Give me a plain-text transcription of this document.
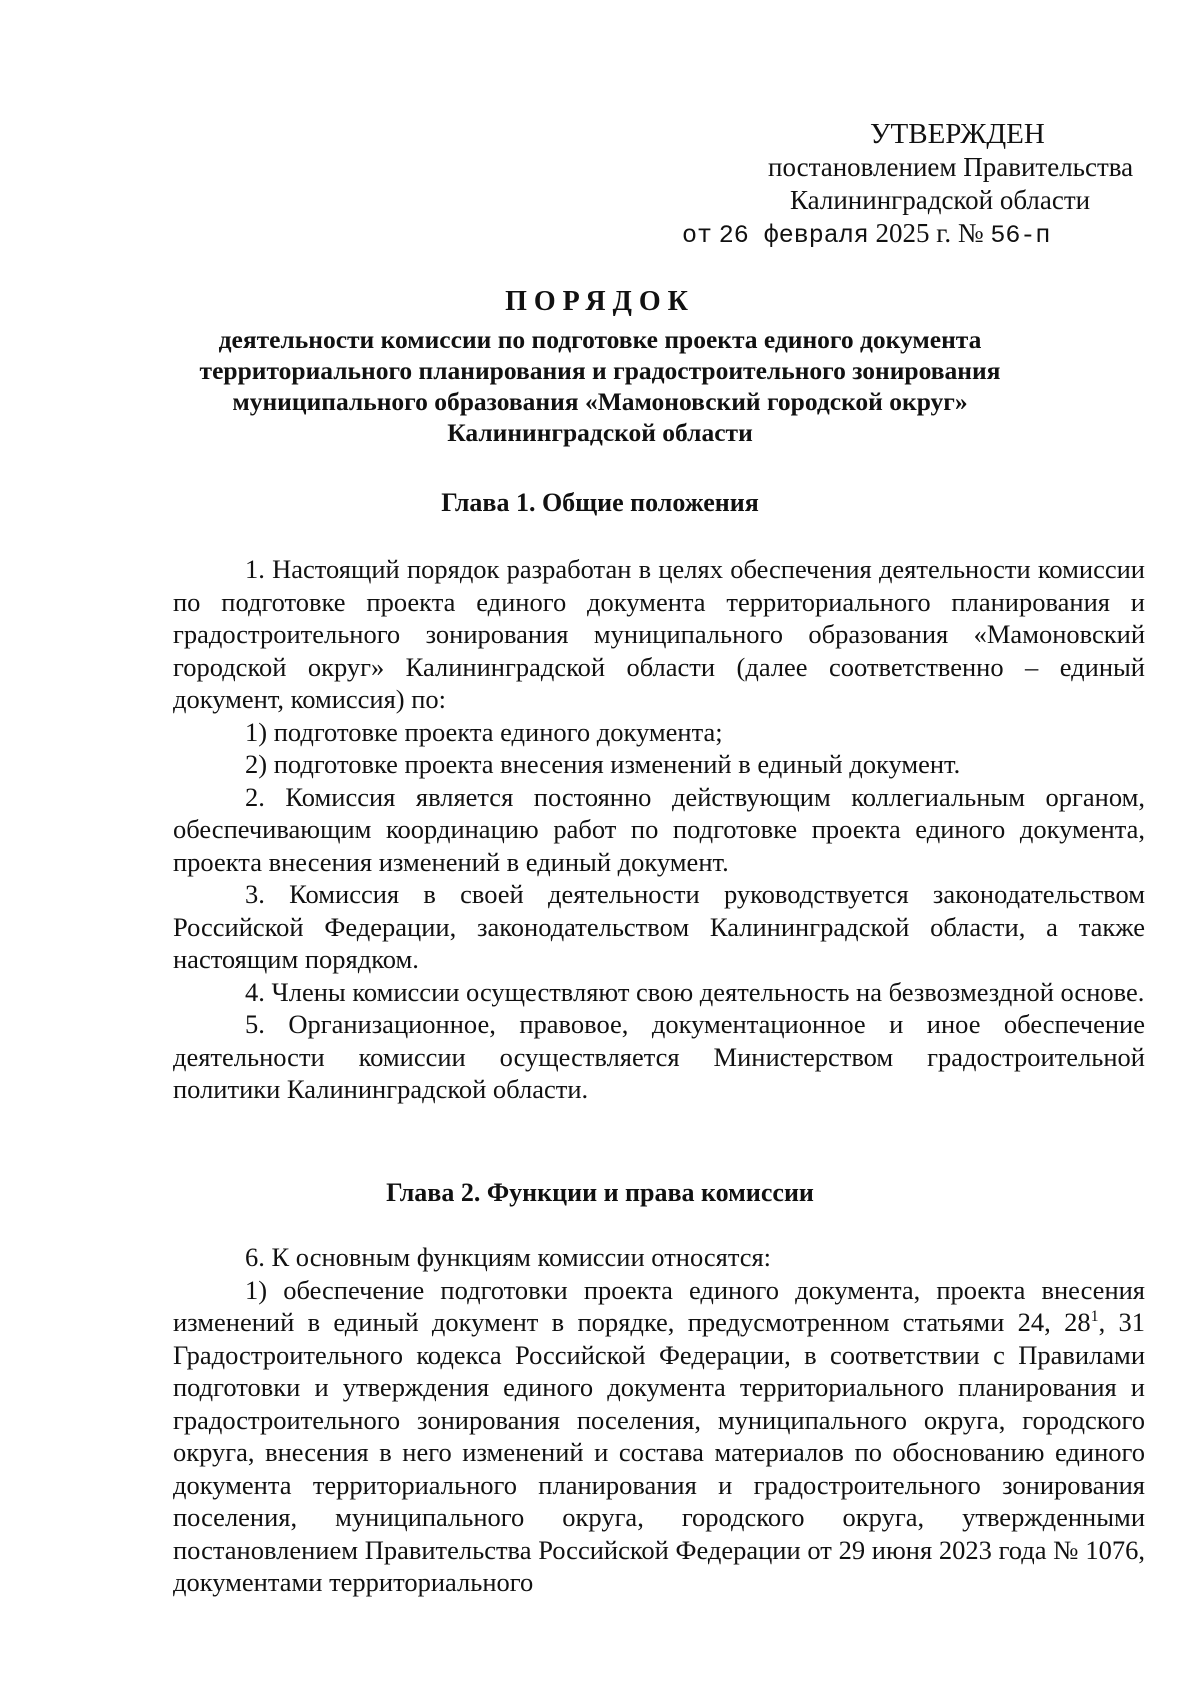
УТВЕРЖДЕН
постановлением Правительства
Калининградской области
от 26 февраля 2025 г. № 56-п
ПОРЯДОК
деятельности комиссии по подготовке проекта единого документа территориального планирования и градостроительного зонирования муниципального образования «Мамоновский городской округ» Калининградской области
Глава 1. Общие положения

1. Настоящий порядок разработан в целях обеспечения деятельности комиссии по подготовке проекта единого документа территориального планирования и градостроительного зонирования муниципального образования «Мамоновский городской округ» Калининградской области (далее соответственно – единый документ, комиссия) по:

1) подготовке проекта единого документа;

2) подготовке проекта внесения изменений в единый документ.

2. Комиссия является постоянно действующим коллегиальным органом, обеспечивающим координацию работ по подготовке проекта единого документа, проекта внесения изменений в единый документ.

3. Комиссия в своей деятельности руководствуется законодательством Российской Федерации, законодательством Калининградской области, а также настоящим порядком.

4. Члены комиссии осуществляют свою деятельность на безвозмездной основе.

5. Организационное, правовое, документационное и иное обеспечение деятельности комиссии осуществляется Министерством градостроительной политики Калининградской области.

Глава 2. Функции и права комиссии

6. К основным функциям комиссии относятся:

1) обеспечение подготовки проекта единого документа, проекта внесения изменений в единый документ в порядке, предусмотренном статьями 24, $28^1$, 31 Градостроительного кодекса Российской Федерации, в соответствии с Правилами подготовки и утверждения единого документа территориального планирования и градостроительного зонирования поселения, муниципального округа, городского округа, внесения в него изменений и состава материалов по обоснованию единого документа территориального планирования и градостроительного зонирования поселения, муниципального округа, городского округа, утвержденными постановлением Правительства Российской Федерации от 29 июня 2023 года № 1076, документами территориального
